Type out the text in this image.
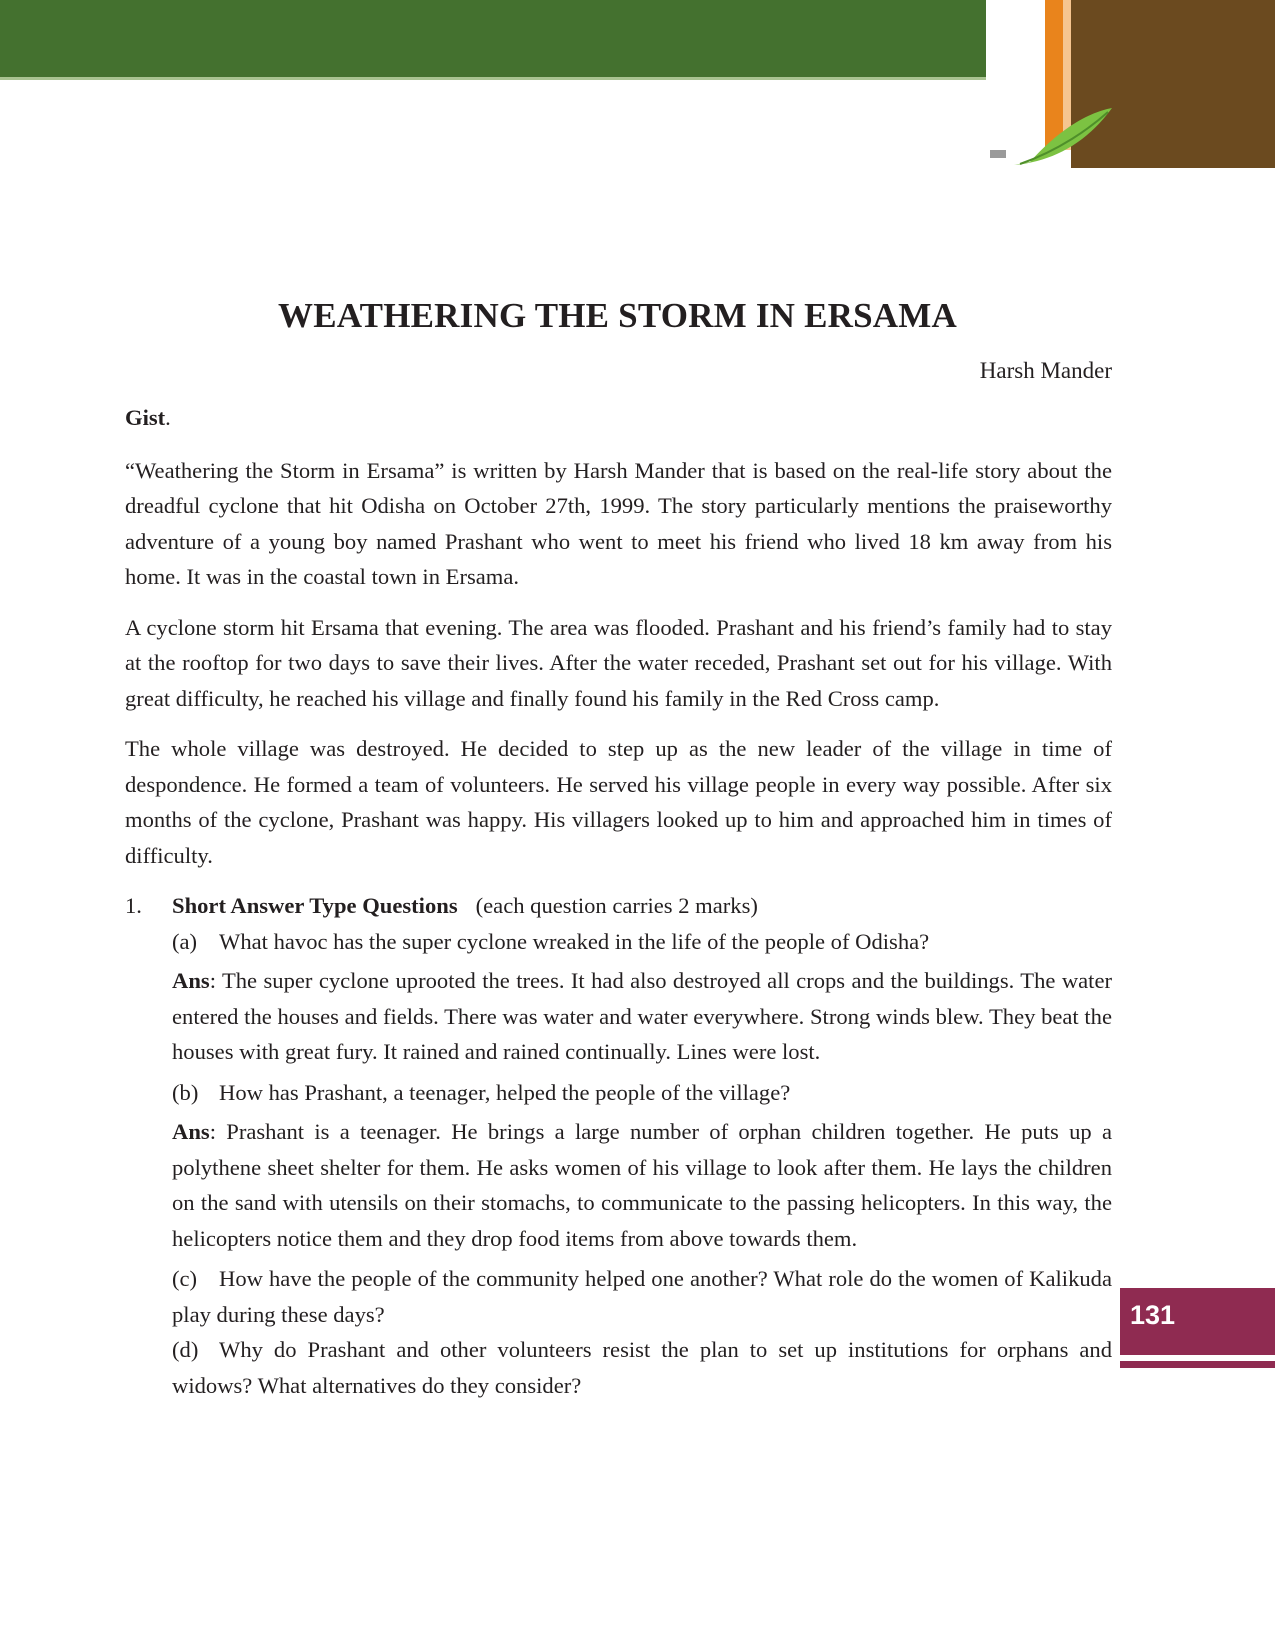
WEATHERING THE STORM IN ERSAMA
Harsh Mander

Gist.

“Weathering the Storm in Ersama” is written by Harsh Mander that is based on the real-life story about the dreadful cyclone that hit Odisha on October 27th, 1999. The story particularly mentions the praiseworthy adventure of a young boy named Prashant who went to meet his friend who lived 18 km away from his home. It was in the coastal town in Ersama.

A cyclone storm hit Ersama that evening. The area was flooded. Prashant and his friend’s family had to stay at the rooftop for two days to save their lives. After the water receded, Prashant set out for his village. With great difficulty, he reached his village and finally found his family in the Red Cross camp.

The whole village was destroyed. He decided to step up as the new leader of the village in time of despondence. He formed a team of volunteers. He served his village people in every way possible. After six months of the cyclone, Prashant was happy. His villagers looked up to him and approached him in times of difficulty.

1.	Short Answer Type Questions (each question carries 2 marks)
(a) What havoc has the super cyclone wreaked in the life of the people of Odisha?

Ans: The super cyclone uprooted the trees. It had also destroyed all crops and the buildings. The water entered the houses and fields. There was water and water everywhere. Strong winds blew. They beat the houses with great fury. It rained and rained continually. Lines were lost.

(b) How has Prashant, a teenager, helped the people of the village?

Ans: Prashant is a teenager. He brings a large number of orphan children together. He puts up a polythene sheet shelter for them. He asks women of his village to look after them. He lays the children on the sand with utensils on their stomachs, to communicate to the passing helicopters. In this way, the helicopters notice them and they drop food items from above towards them.

(c) How have the people of the community helped one another? What role do the women of Kalikuda play during these days?

(d) Why do Prashant and other volunteers resist the plan to set up institutions for orphans and widows? What alternatives do they consider?

131
